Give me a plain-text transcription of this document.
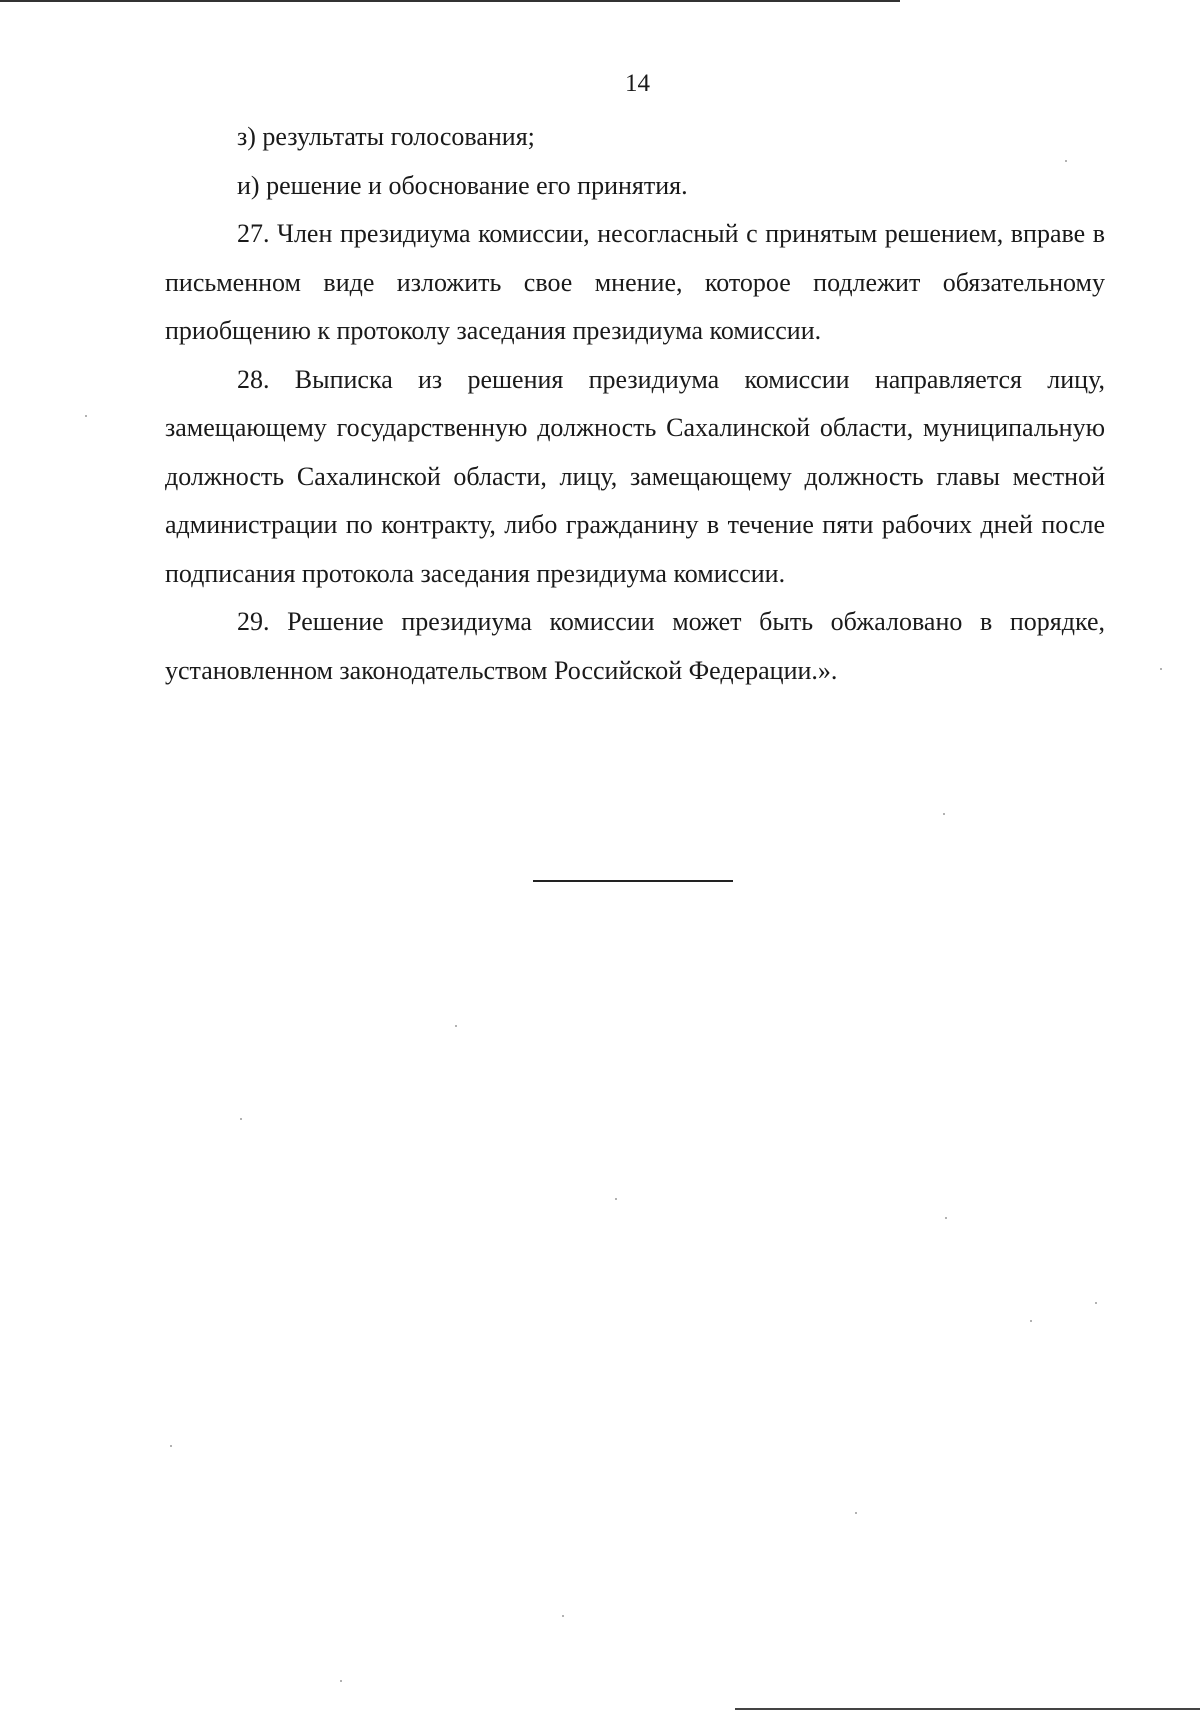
14

з) результаты голосования;

и) решение и обоснование его принятия.

27. Член президиума комиссии, несогласный с принятым решением, вправе в письменном виде изложить свое мнение, которое подлежит обязательному приобщению к протоколу заседания президиума комиссии.

28. Выписка из решения президиума комиссии направляется лицу, замещающему государственную должность Сахалинской области, муниципальную должность Сахалинской области, лицу, замещающему должность главы местной администрации по контракту, либо гражданину в течение пяти рабочих дней после подписания протокола заседания президиума комиссии.

29. Решение президиума комиссии может быть обжаловано в порядке, установленном законодательством Российской Федерации.».
